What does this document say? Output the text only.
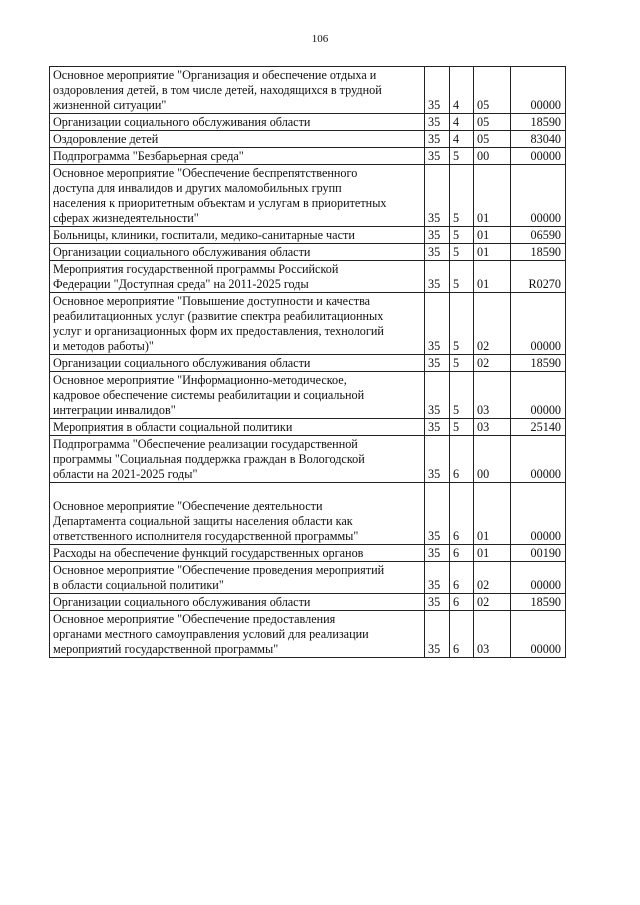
106
Основное мероприятие "Организация и обеспечение отдыха и
оздоровления детей, в том числе детей, находящихся в трудной
жизненной ситуации"	35	4	05	00000
Организации социального обслуживания области	35	4	05	18590
Оздоровление детей	35	4	05	83040
Подпрограмма "Безбарьерная среда"	35	5	00	00000
Основное мероприятие "Обеспечение беспрепятственного
доступа для инвалидов и других маломобильных групп
населения к приоритетным объектам и услугам в приоритетных
сферах жизнедеятельности"	35	5	01	00000
Больницы, клиники, госпитали, медико-санитарные части	35	5	01	06590
Организации социального обслуживания области	35	5	01	18590
Мероприятия государственной программы Российской
Федерации "Доступная среда" на 2011-2025 годы	35	5	01	R0270
Основное мероприятие "Повышение доступности и качества
реабилитационных услуг (развитие спектра реабилитационных
услуг и организационных форм их предоставления, технологий
и методов работы)"	35	5	02	00000
Организации социального обслуживания области	35	5	02	18590
Основное мероприятие "Информационно-методическое,
кадровое обеспечение системы реабилитации и социальной
интеграции инвалидов"	35	5	03	00000
Мероприятия в области социальной политики	35	5	03	25140
Подпрограмма "Обеспечение реализации государственной
программы "Социальная поддержка граждан в Вологодской
области на 2021-2025 годы"	35	6	00	00000

Основное мероприятие "Обеспечение деятельности
Департамента социальной защиты населения области как
ответственного исполнителя государственной программы"	35	6	01	00000
Расходы на обеспечение функций государственных органов	35	6	01	00190
Основное мероприятие "Обеспечение проведения мероприятий
в области социальной политики"	35	6	02	00000
Организации социального обслуживания области	35	6	02	18590
Основное мероприятие "Обеспечение предоставления
органами местного самоуправления условий для реализации
мероприятий государственной программы"	35	6	03	00000
